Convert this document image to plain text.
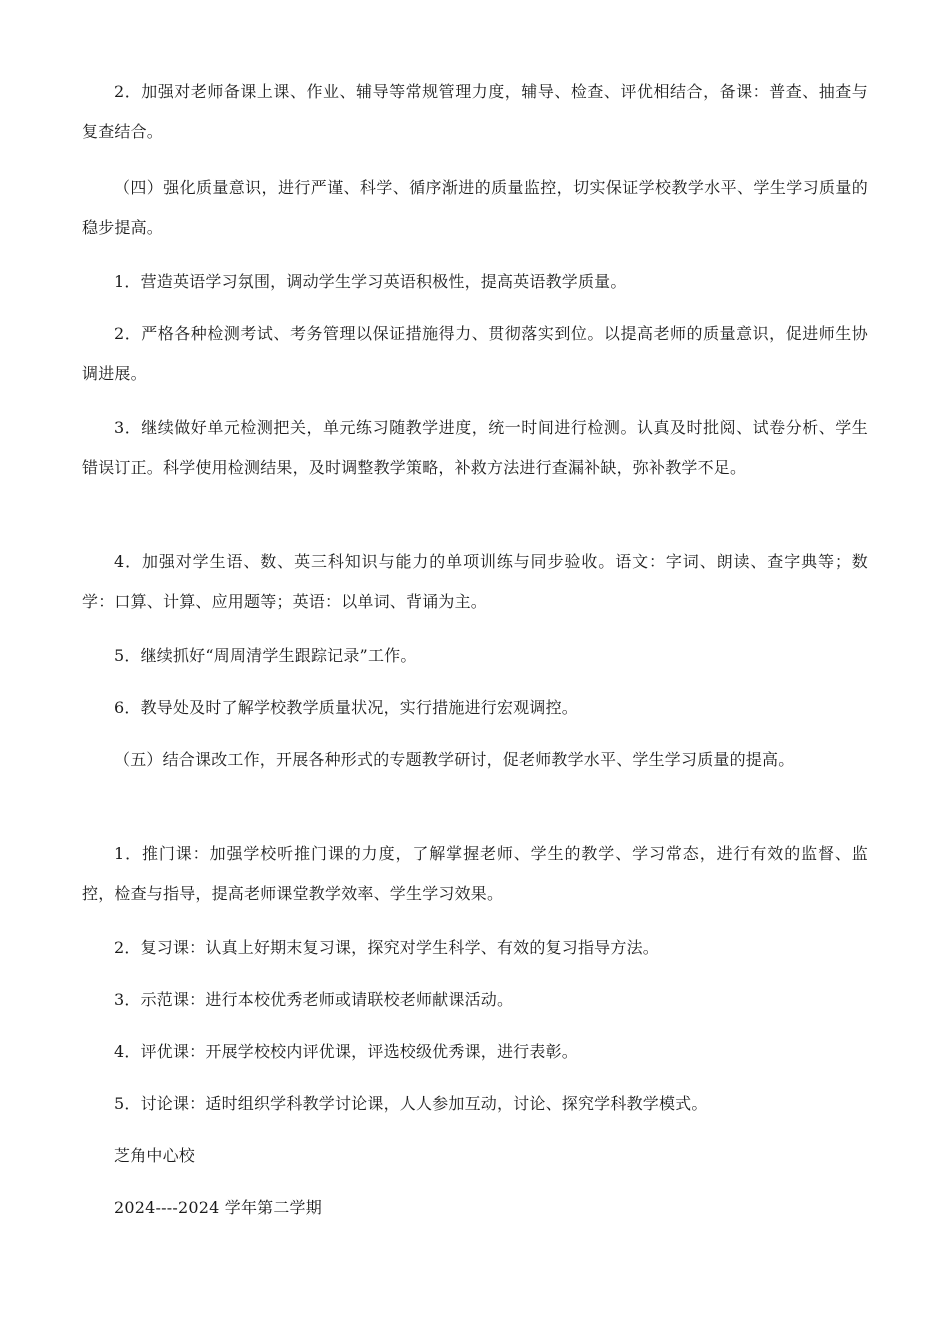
2．加强对老师备课上课、作业、辅导等常规管理力度，辅导、检查、评优相结合，备课：普查、抽查与复查结合。

（四）强化质量意识，进行严谨、科学、循序渐进的质量监控，切实保证学校教学水平、学生学习质量的稳步提高。

1．营造英语学习氛围，调动学生学习英语积极性，提高英语教学质量。

2．严格各种检测考试、考务管理以保证措施得力、贯彻落实到位。以提高老师的质量意识，促进师生协调进展。

3．继续做好单元检测把关，单元练习随教学进度，统一时间进行检测。认真及时批阅、试卷分析、学生错误订正。科学使用检测结果，及时调整教学策略，补救方法进行查漏补缺，弥补教学不足。

4．加强对学生语、数、英三科知识与能力的单项训练与同步验收。语文：字词、朗读、查字典等；数学：口算、计算、应用题等；英语：以单词、背诵为主。

5．继续抓好“周周清学生跟踪记录”工作。

6．教导处及时了解学校教学质量状况，实行措施进行宏观调控。

（五）结合课改工作，开展各种形式的专题教学研讨，促老师教学水平、学生学习质量的提高。

1．推门课：加强学校听推门课的力度，了解掌握老师、学生的教学、学习常态，进行有效的监督、监控，检查与指导，提高老师课堂教学效率、学生学习效果。

2．复习课：认真上好期末复习课，探究对学生科学、有效的复习指导方法。

3．示范课：进行本校优秀老师或请联校老师献课活动。

4．评优课：开展学校校内评优课，评选校级优秀课，进行表彰。

5．讨论课：适时组织学科教学讨论课，人人参加互动，讨论、探究学科教学模式。

芝角中心校

2024----2024 学年第二学期
